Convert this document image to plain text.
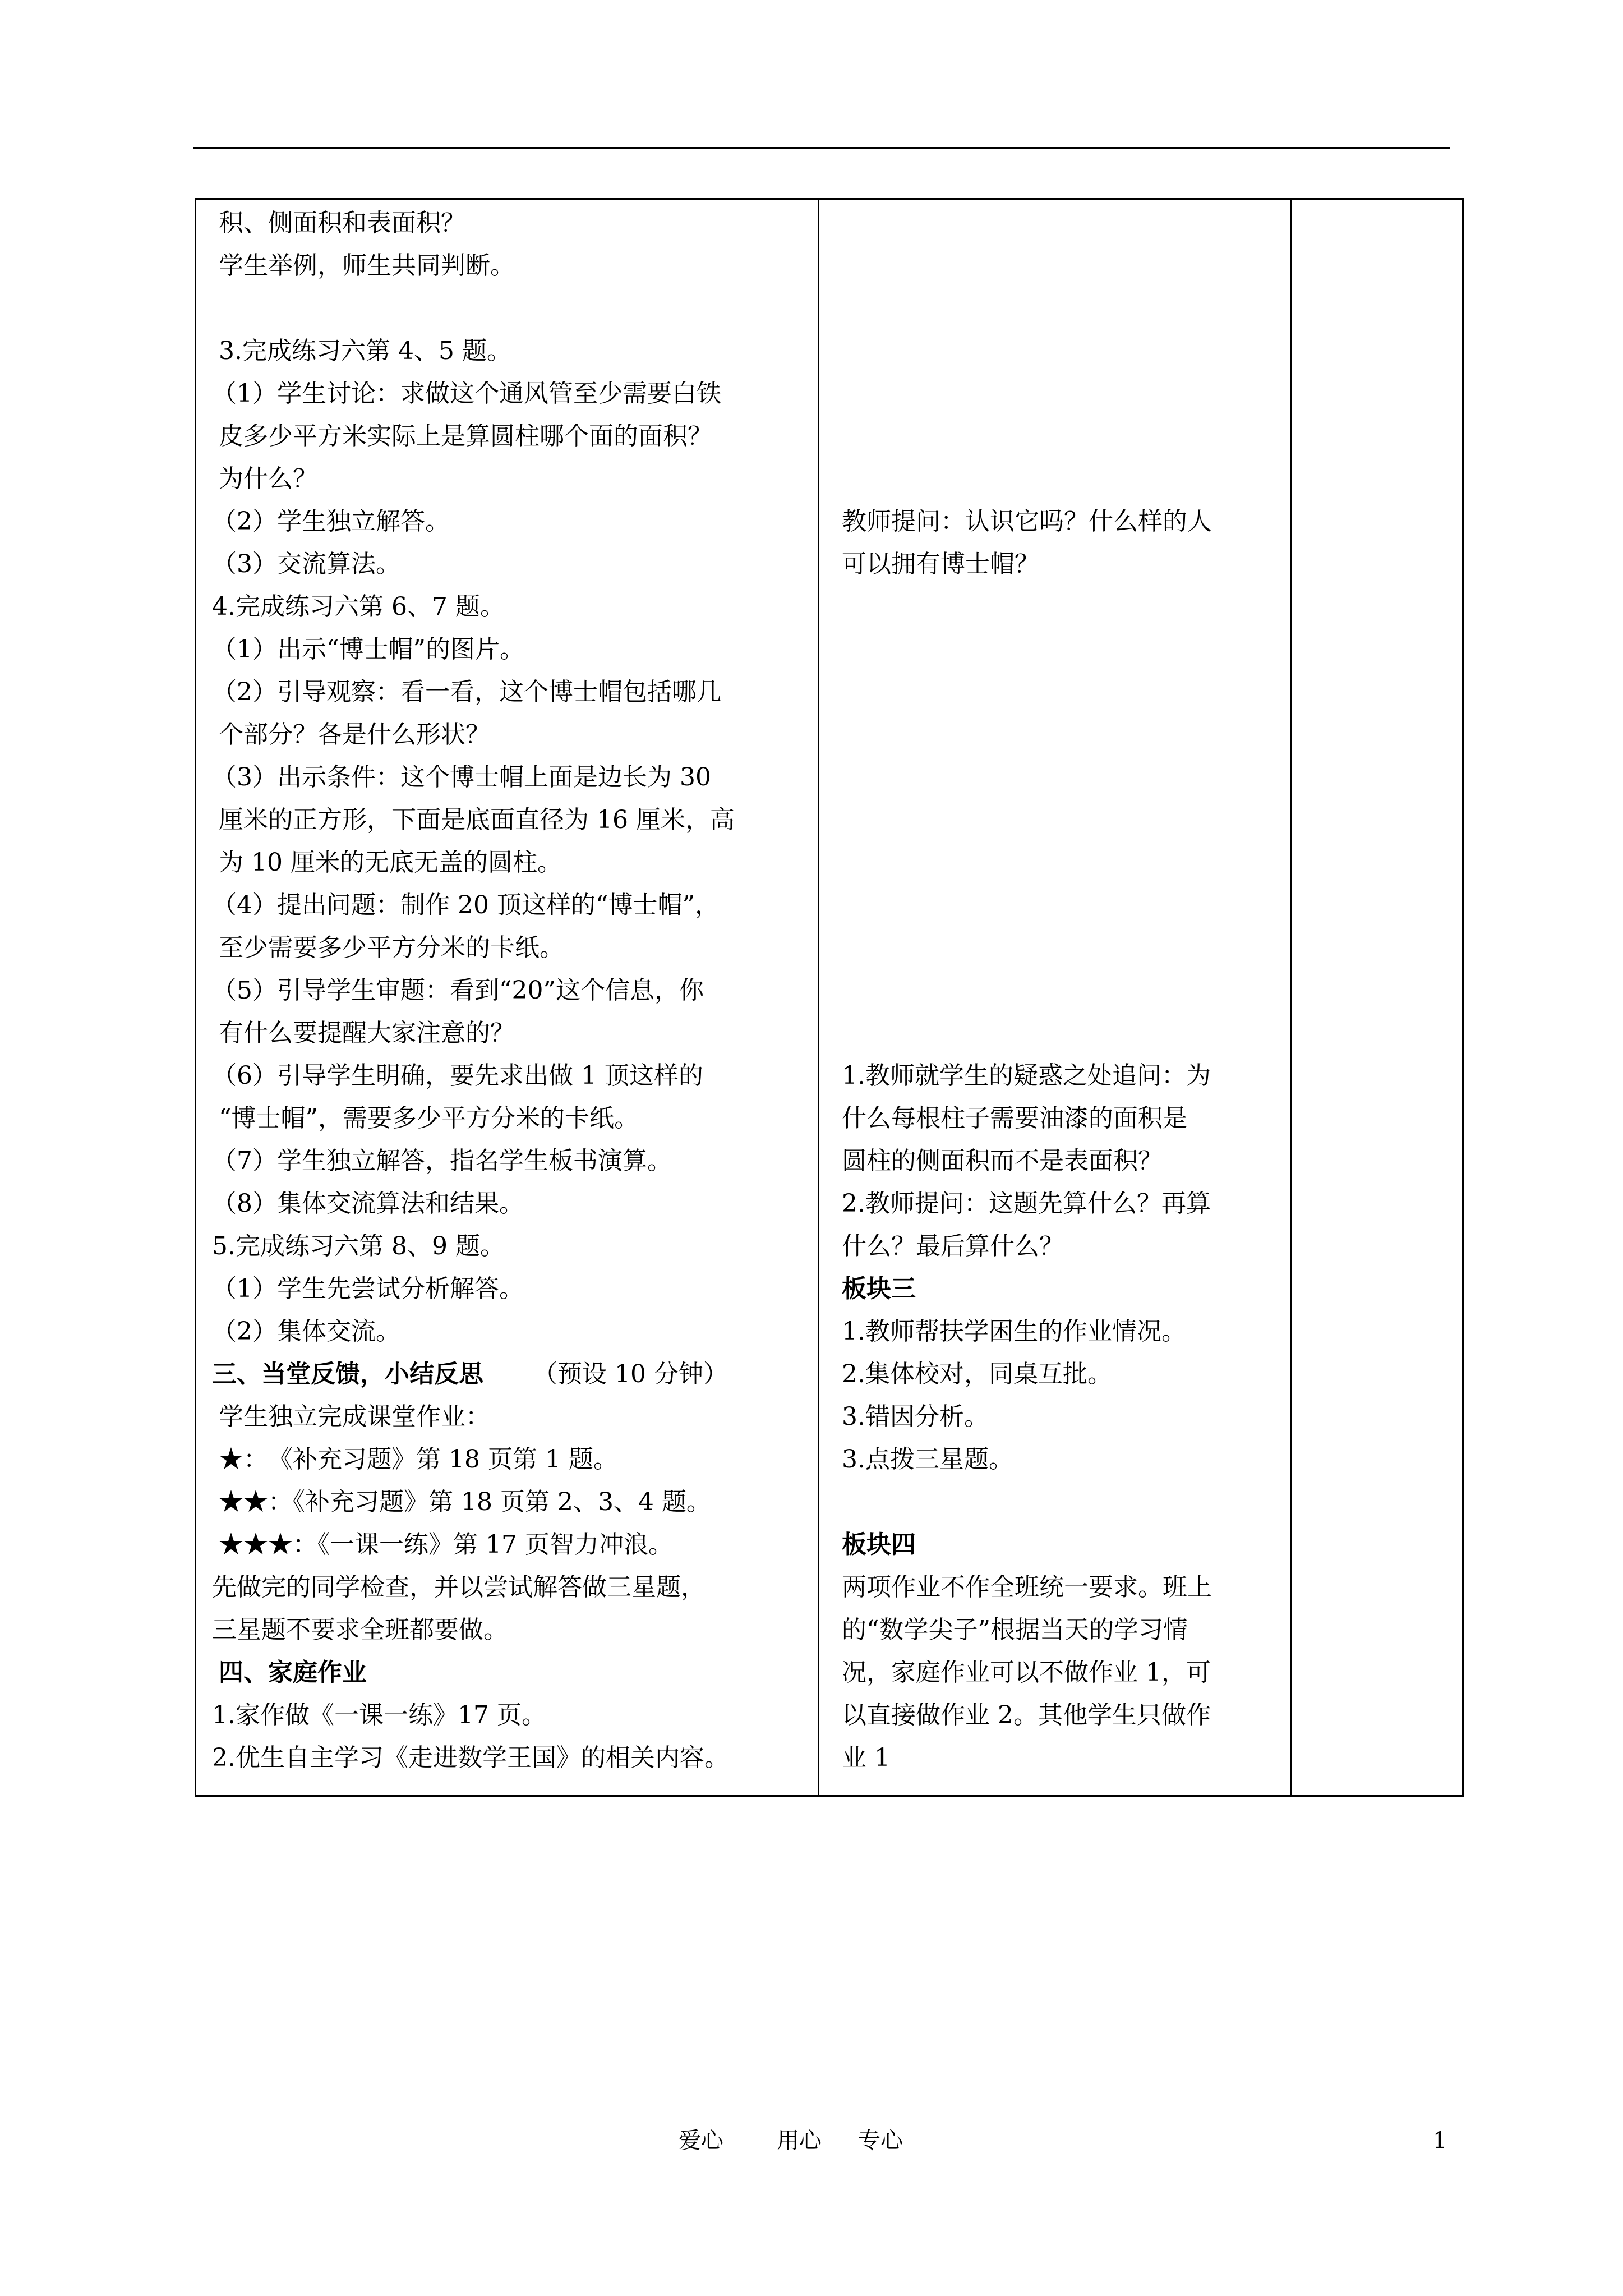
积、侧面积和表面积？
学生举例，师生共同判断。
3.完成练习六第 4、5 题。
（1）学生讨论：求做这个通风管至少需要白铁
皮多少平方米实际上是算圆柱哪个面的面积？
为什么？
（2）学生独立解答。
（3）交流算法。
4.完成练习六第 6、7 题。
（1）出示“博士帽”的图片。
（2）引导观察：看一看，这个博士帽包括哪几
个部分？各是什么形状？
（3）出示条件：这个博士帽上面是边长为 30
厘米的正方形，下面是底面直径为 16 厘米，高
为 10 厘米的无底无盖的圆柱。
（4）提出问题：制作 20 顶这样的“博士帽”，
至少需要多少平方分米的卡纸。
（5）引导学生审题：看到“20”这个信息，你
有什么要提醒大家注意的？
（6）引导学生明确，要先求出做 1 顶这样的
“博士帽”，需要多少平方分米的卡纸。
（7）学生独立解答，指名学生板书演算。
（8）集体交流算法和结果。
5.完成练习六第 8、9 题。
（1）学生先尝试分析解答。
（2）集体交流。
三、当堂反馈，小结反思 （预设 10 分钟）
学生独立完成课堂作业：
★：　《补充习题》第 18 页第 1 题。
★★：《补充习题》第 18 页第 2、3、4 题。
★★★：《一课一练》第 17 页智力冲浪。
先做完的同学检查，并以尝试解答做三星题，
三星题不要求全班都要做。
四、家庭作业
1.家作做《一课一练》17 页。
2.优生自主学习《走进数学王国》的相关内容。
教师提问：认识它吗？什么样的人
可以拥有博士帽？
1.教师就学生的疑惑之处追问：为
什么每根柱子需要油漆的面积是
圆柱的侧面积而不是表面积？
2.教师提问：这题先算什么？再算
什么？最后算什么？
板块三
1.教师帮扶学困生的作业情况。
2.集体校对，同桌互批。
3.错因分析。
3.点拨三星题。
板块四
两项作业不作全班统一要求。班上
的“数学尖子”根据当天的学习情
况，家庭作业可以不做作业 1，可
以直接做作业 2。其他学生只做作
业 1
爱心 用心 专心	1
